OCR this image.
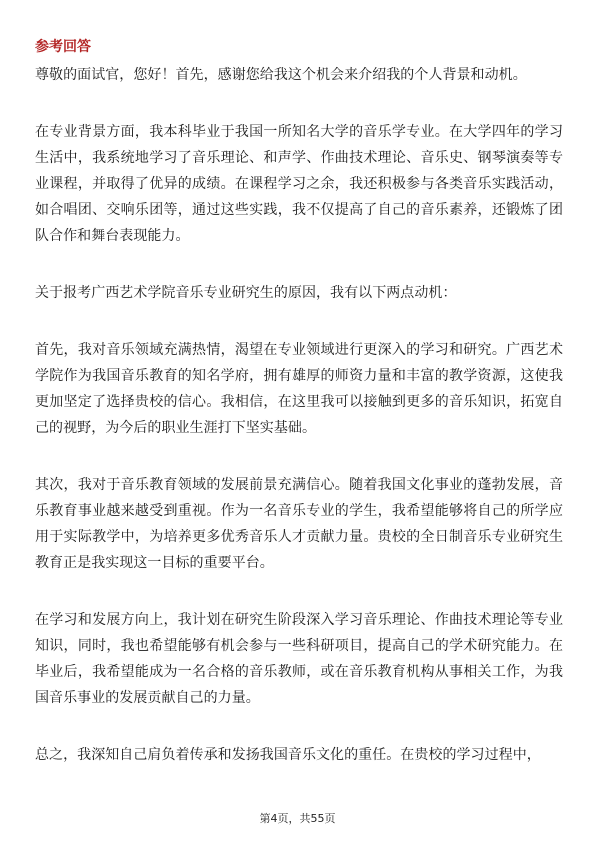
参考回答

尊敬的面试官，您好！首先，感谢您给我这个机会来介绍我的个人背景和动机。

在专业背景方面，我本科毕业于我国一所知名大学的音乐学专业。在大学四年的学习生活中，我系统地学习了音乐理论、和声学、作曲技术理论、音乐史、钢琴演奏等专业课程，并取得了优异的成绩。在课程学习之余，我还积极参与各类音乐实践活动，如合唱团、交响乐团等，通过这些实践，我不仅提高了自己的音乐素养，还锻炼了团队合作和舞台表现能力。

关于报考广西艺术学院音乐专业研究生的原因，我有以下两点动机：

首先，我对音乐领域充满热情，渴望在专业领域进行更深入的学习和研究。广西艺术学院作为我国音乐教育的知名学府，拥有雄厚的师资力量和丰富的教学资源，这使我更加坚定了选择贵校的信心。我相信，在这里我可以接触到更多的音乐知识，拓宽自己的视野，为今后的职业生涯打下坚实基础。

其次，我对于音乐教育领域的发展前景充满信心。随着我国文化事业的蓬勃发展，音乐教育事业越来越受到重视。作为一名音乐专业的学生，我希望能够将自己的所学应用于实际教学中，为培养更多优秀音乐人才贡献力量。贵校的全日制音乐专业研究生教育正是我实现这一目标的重要平台。

在学习和发展方向上，我计划在研究生阶段深入学习音乐理论、作曲技术理论等专业知识，同时，我也希望能够有机会参与一些科研项目，提高自己的学术研究能力。在毕业后，我希望能成为一名合格的音乐教师，或在音乐教育机构从事相关工作，为我国音乐事业的发展贡献自己的力量。

总之，我深知自己肩负着传承和发扬我国音乐文化的重任。在贵校的学习过程中，

第4页，共55页
